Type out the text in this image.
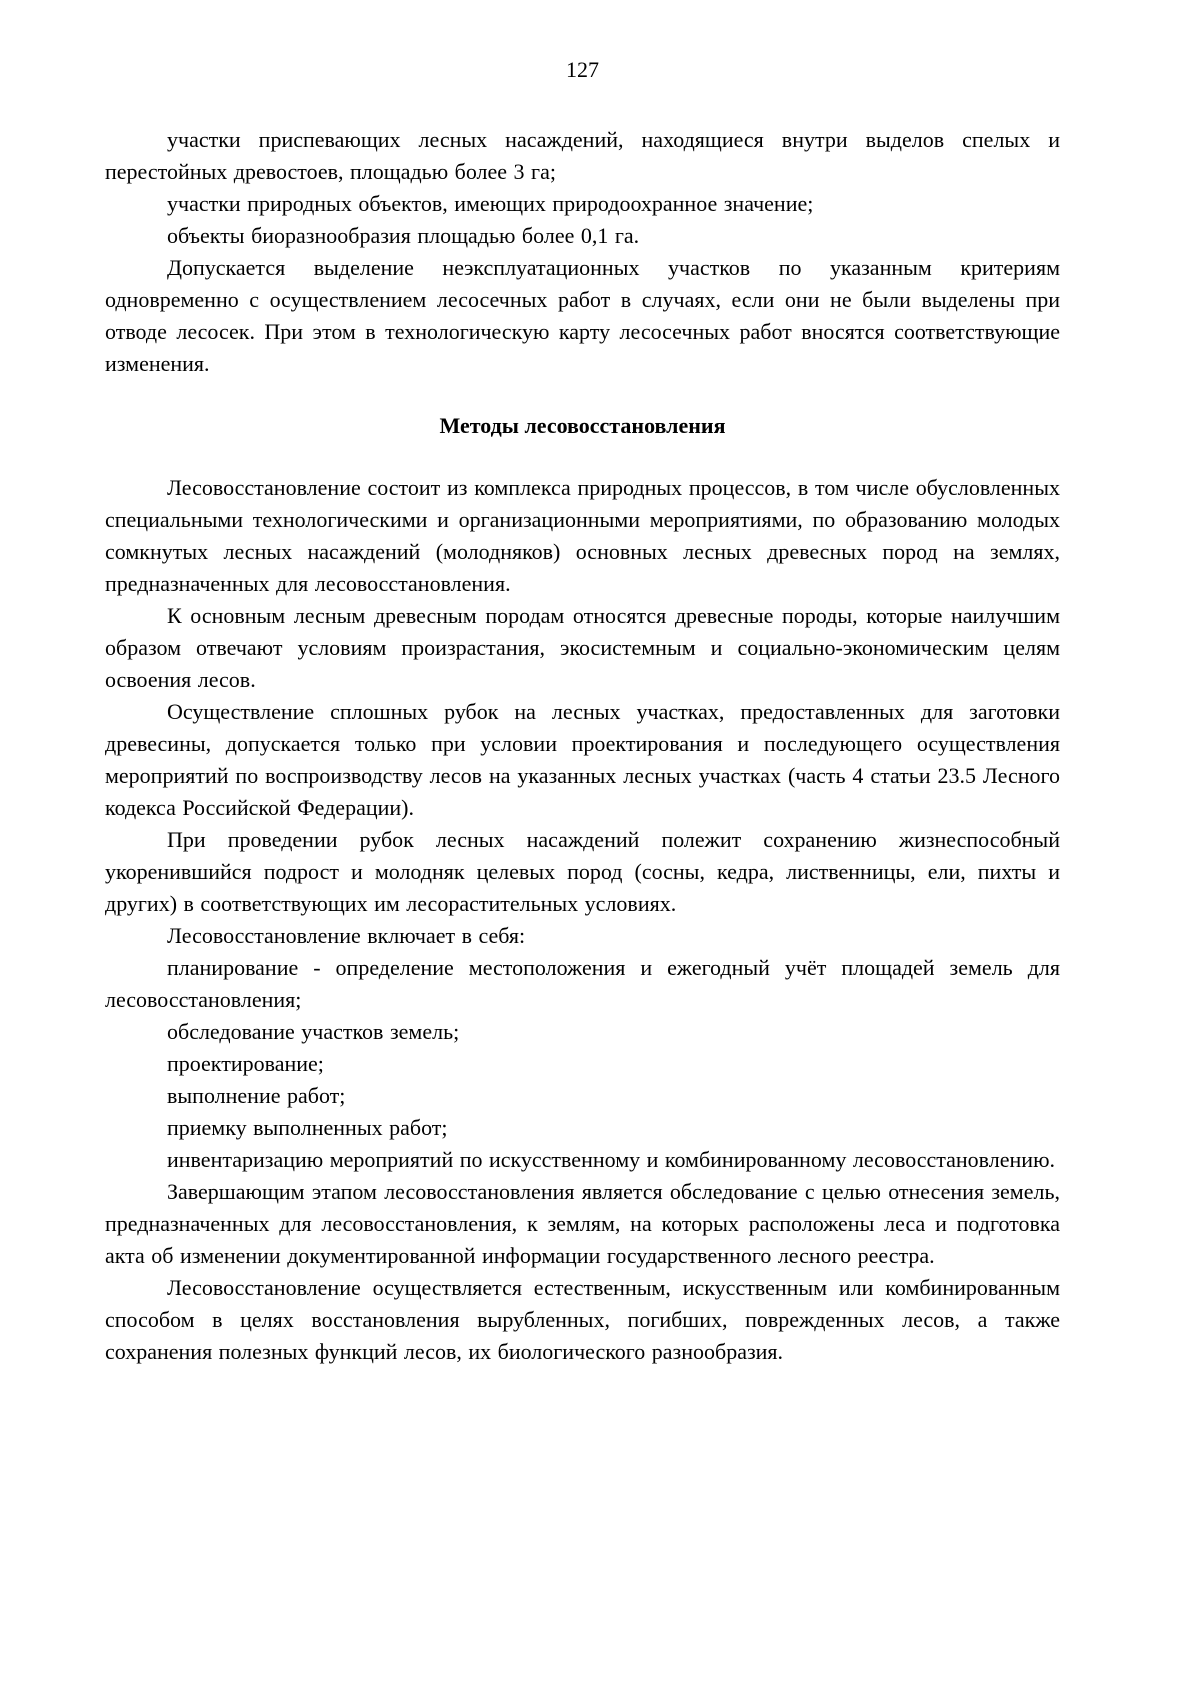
127

участки приспевающих лесных насаждений, находящиеся внутри выделов спелых и перестойных древостоев, площадью более 3 га;

участки природных объектов, имеющих природоохранное значение;

объекты биоразнообразия площадью более 0,1 га.

Допускается выделение неэксплуатационных участков по указанным критериям одновременно с осуществлением лесосечных работ в случаях, если они не были выделены при отводе лесосек. При этом в технологическую карту лесосечных работ вносятся соответствующие изменения.

Методы лесовосстановления

Лесовосстановление состоит из комплекса природных процессов, в том числе обусловленных специальными технологическими и организационными мероприятиями, по образованию молодых сомкнутых лесных насаждений (молодняков) основных лесных древесных пород на землях, предназначенных для лесовосстановления.

К основным лесным древесным породам относятся древесные породы, которые наилучшим образом отвечают условиям произрастания, экосистемным и социально-экономическим целям освоения лесов.

Осуществление сплошных рубок на лесных участках, предоставленных для заготовки древесины, допускается только при условии проектирования и последующего осуществления мероприятий по воспроизводству лесов на указанных лесных участках (часть 4 статьи 23.5 Лесного кодекса Российской Федерации).

При проведении рубок лесных насаждений полежит сохранению жизнеспособный укоренившийся подрост и молодняк целевых пород (сосны, кедра, лиственницы, ели, пихты и других) в соответствующих им лесорастительных условиях.

Лесовосстановление включает в себя:

планирование - определение местоположения и ежегодный учёт площадей земель для лесовосстановления;

обследование участков земель;

проектирование;

выполнение работ;

приемку выполненных работ;

инвентаризацию мероприятий по искусственному и комбинированному лесовосстановлению.

Завершающим этапом лесовосстановления является обследование с целью отнесения земель, предназначенных для лесовосстановления, к землям, на которых расположены леса и подготовка акта об изменении документированной информации государственного лесного реестра.

Лесовосстановление осуществляется естественным, искусственным или комбинированным способом в целях восстановления вырубленных, погибших, поврежденных лесов, а также сохранения полезных функций лесов, их биологического разнообразия.
